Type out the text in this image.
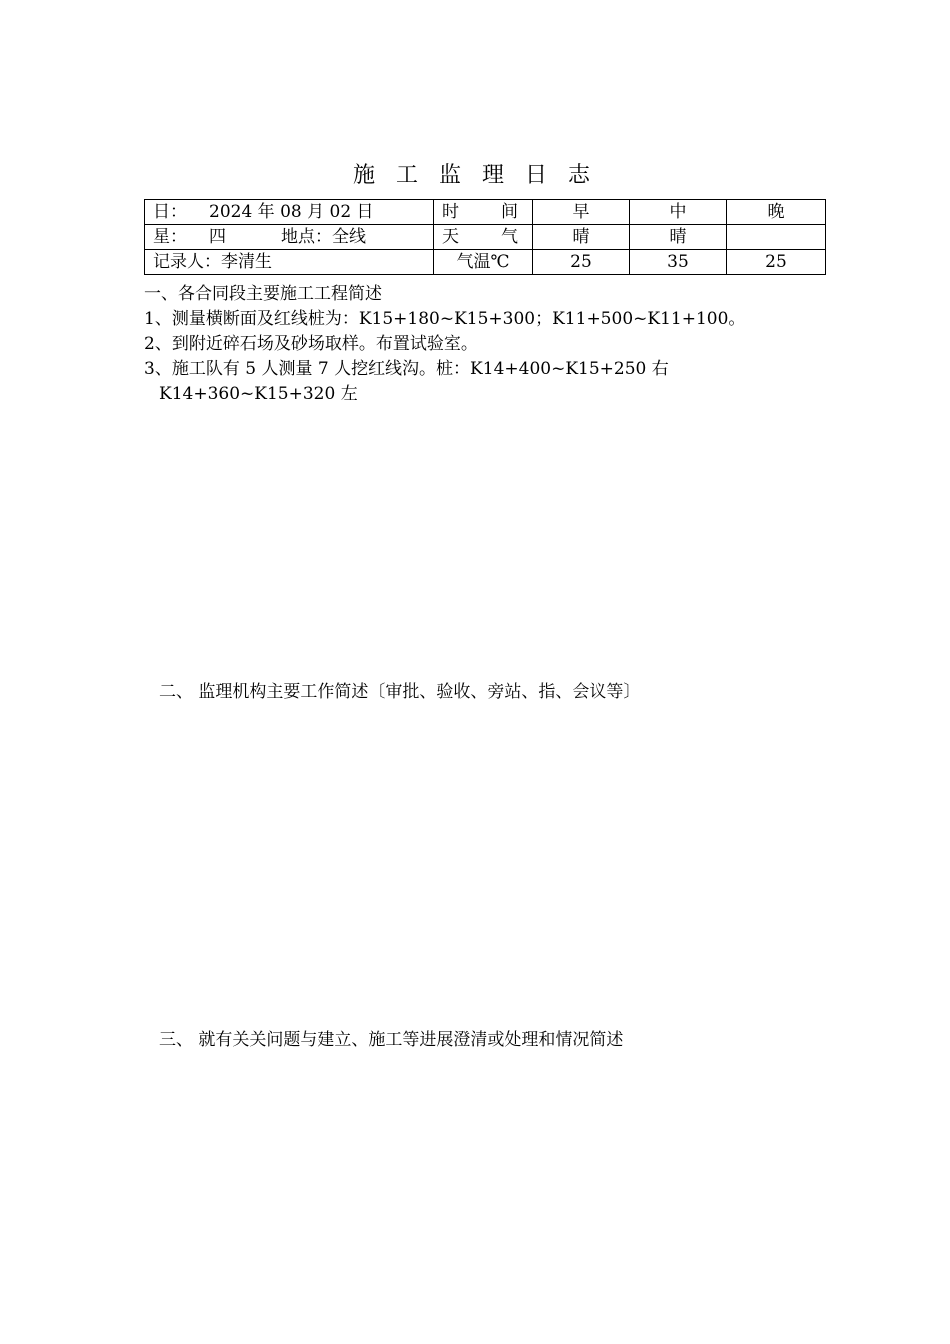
施 工 监 理 日 志
日： 2024 年 08 月 02 日	时 间	早	中	晚
星： 四 地点：全线	天 气	晴	晴	
记录人：李清生	气温℃	25	35	25
一、各合同段主要施工工程简述
1、测量横断面及红线桩为：K15+180~K15+300；K11+500~K11+100。
2、到附近碎石场及砂场取样。布置试验室。
3、施工队有 5 人测量 7 人挖红线沟。桩：K14+400~K15+250 右
K14+360~K15+320 左
二、 监理机构主要工作简述〔审批、验收、旁站、指、会议等〕
三、 就有关关问题与建立、施工等进展澄清或处理和情况简述
